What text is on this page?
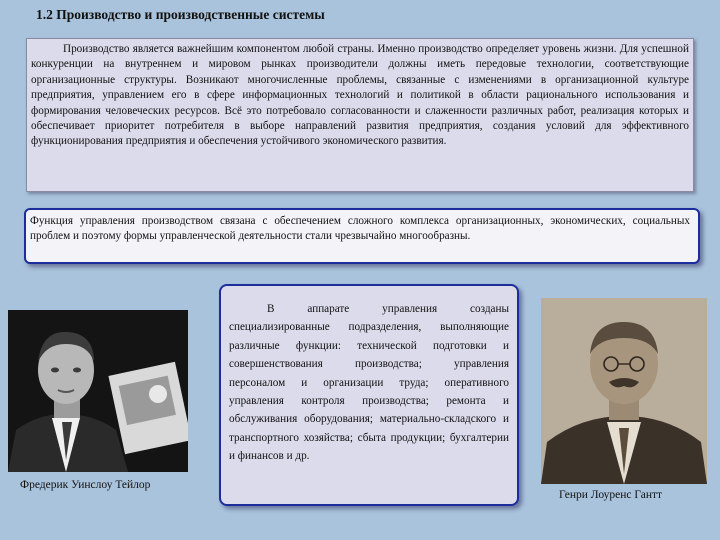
1.2 Производство и производственные системы

Производство является важнейшим компонентом любой страны. Именно производство определяет уровень жизни. Для успешной конкуренции на внутреннем и мировом рынках производители должны иметь передовые технологии, соответствующие организационные структуры. Возникают многочисленные проблемы, связанные с изменениями в организационной культуре предприятия, управлением его в сфере информационных технологий и политикой в области рационального использования и формирования человеческих ресурсов. Всё это потребовало согласованности и слаженности различных работ, реализация которых и обеспечивает приоритет потребителя в выборе направлений развития предприятия, создания условий для эффективного функционирования предприятия и обеспечения устойчивого экономического развития.

Функция управления производством связана с обеспечением сложного комплекса организационных, экономических, социальных проблем и поэтому формы управленческой деятельности стали чрезвычайно многообразны.

В аппарате управления созданы специализированные подразделения, выполняющие различные функции: технической подготовки и совершенствования производства; управления персоналом и организации труда; оперативного управления контроля производства; ремонта и обслуживания оборудования; материально-складского и транспортного хозяйства; сбыта продукции; бухгалтерии и финансов и др.

Фредерик Уинслоу Тейлор
Генри Лоуренс Гантт
